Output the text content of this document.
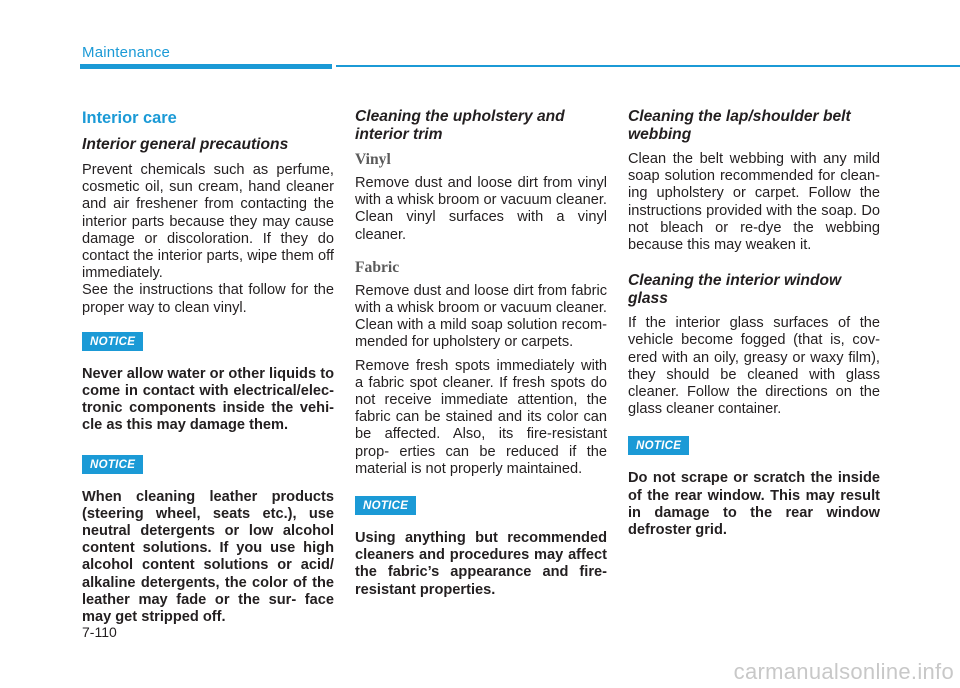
Maintenance
Interior care
Interior general precautions

Prevent chemicals such as perfume, cosmetic oil, sun cream, hand cleaner and air freshener from contacting the interior parts because they may cause damage or discoloration. If they do contact the interior parts, wipe them off immediately.

See the instructions that follow for the proper way to clean vinyl.

NOTICE

Never allow water or other liquids to come in contact with electrical/elec- tronic components inside the vehi- cle as this may damage them.

NOTICE

When cleaning leather products (steering wheel, seats etc.), use neutral detergents or low alcohol content solutions. If you use high alcohol content solutions or acid/ alkaline detergents, the color of the leather may fade or the sur- face may get stripped off.

Cleaning the upholstery and interior trim
Vinyl

Remove dust and loose dirt from vinyl with a whisk broom or vacuum cleaner. Clean vinyl surfaces with a vinyl cleaner.

Fabric

Remove dust and loose dirt from fabric with a whisk broom or vacuum cleaner. Clean with a mild soap solution recom- mended for upholstery or carpets.

Remove fresh spots immediately with a fabric spot cleaner. If fresh spots do not receive immediate attention, the fabric can be stained and its color can be affected. Also, its fire-resistant prop- erties can be reduced if the material is not properly maintained.

NOTICE

Using anything but recommended cleaners and procedures may affect the fabric’s appearance and fire- resistant properties.

Cleaning the lap/shoulder belt webbing

Clean the belt webbing with any mild soap solution recommended for clean- ing upholstery or carpet. Follow the instructions provided with the soap. Do not bleach or re-dye the webbing because this may weaken it.

Cleaning the interior window glass

If the interior glass surfaces of the vehicle become fogged (that is, cov- ered with an oily, greasy or waxy film), they should be cleaned with glass cleaner. Follow the directions on the glass cleaner container.

NOTICE

Do not scrape or scratch the inside of the rear window. This may result in damage to the rear window defroster grid.

7-110
carmanualsonline.info
